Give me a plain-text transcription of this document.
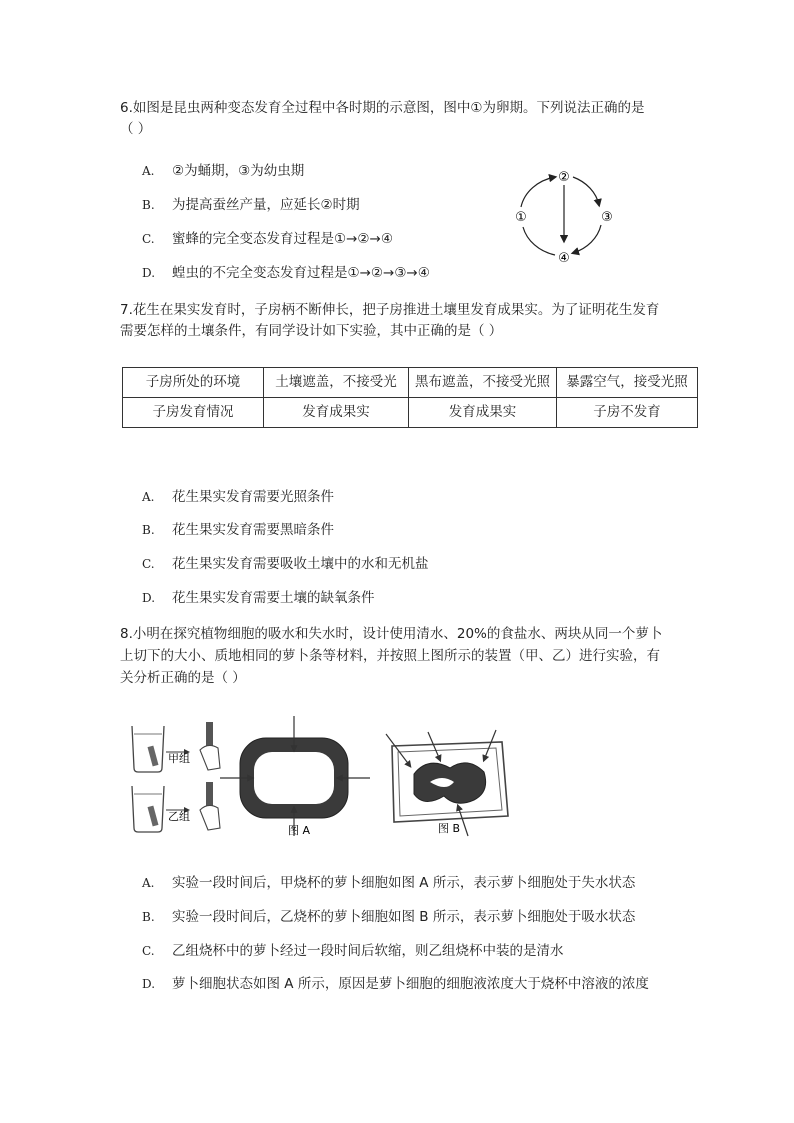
6.如图是昆虫两种变态发育全过程中各时期的示意图，图中①为卵期。下列说法正确的是
（ ）
A. ②为蛹期，③为幼虫期
B. 为提高蚕丝产量，应延长②时期
C. 蜜蜂的完全变态发育过程是①→②→④
D. 蝗虫的不完全变态发育过程是①→②→③→④
②
③
④
①
7.花生在果实发育时，子房柄不断伸长，把子房推进土壤里发育成果实。为了证明花生发育
需要怎样的土壤条件，有同学设计如下实验，其中正确的是（ ）
子房所处的环境	土壤遮盖，不接受光	黑布遮盖，不接受光照	暴露空气，接受光照
子房发育情况	发育成果实	发育成果实	子房不发育
A. 花生果实发育需要光照条件
B. 花生果实发育需要黑暗条件
C. 花生果实发育需要吸收土壤中的水和无机盐
D. 花生果实发育需要土壤的缺氧条件
8.小明在探究植物细胞的吸水和失水时，设计使用清水、20%的食盐水、两块从同一个萝卜
上切下的大小、质地相同的萝卜条等材料，并按照上图所示的装置（甲、乙）进行实验，有
关分析正确的是（ ）
甲组
乙组
图 A	图 B
A. 实验一段时间后，甲烧杯的萝卜细胞如图 A 所示，表示萝卜细胞处于失水状态
B. 实验一段时间后，乙烧杯的萝卜细胞如图 B 所示，表示萝卜细胞处于吸水状态
C. 乙组烧杯中的萝卜经过一段时间后软缩，则乙组烧杯中装的是清水
D. 萝卜细胞状态如图 A 所示，原因是萝卜细胞的细胞液浓度大于烧杯中溶液的浓度
